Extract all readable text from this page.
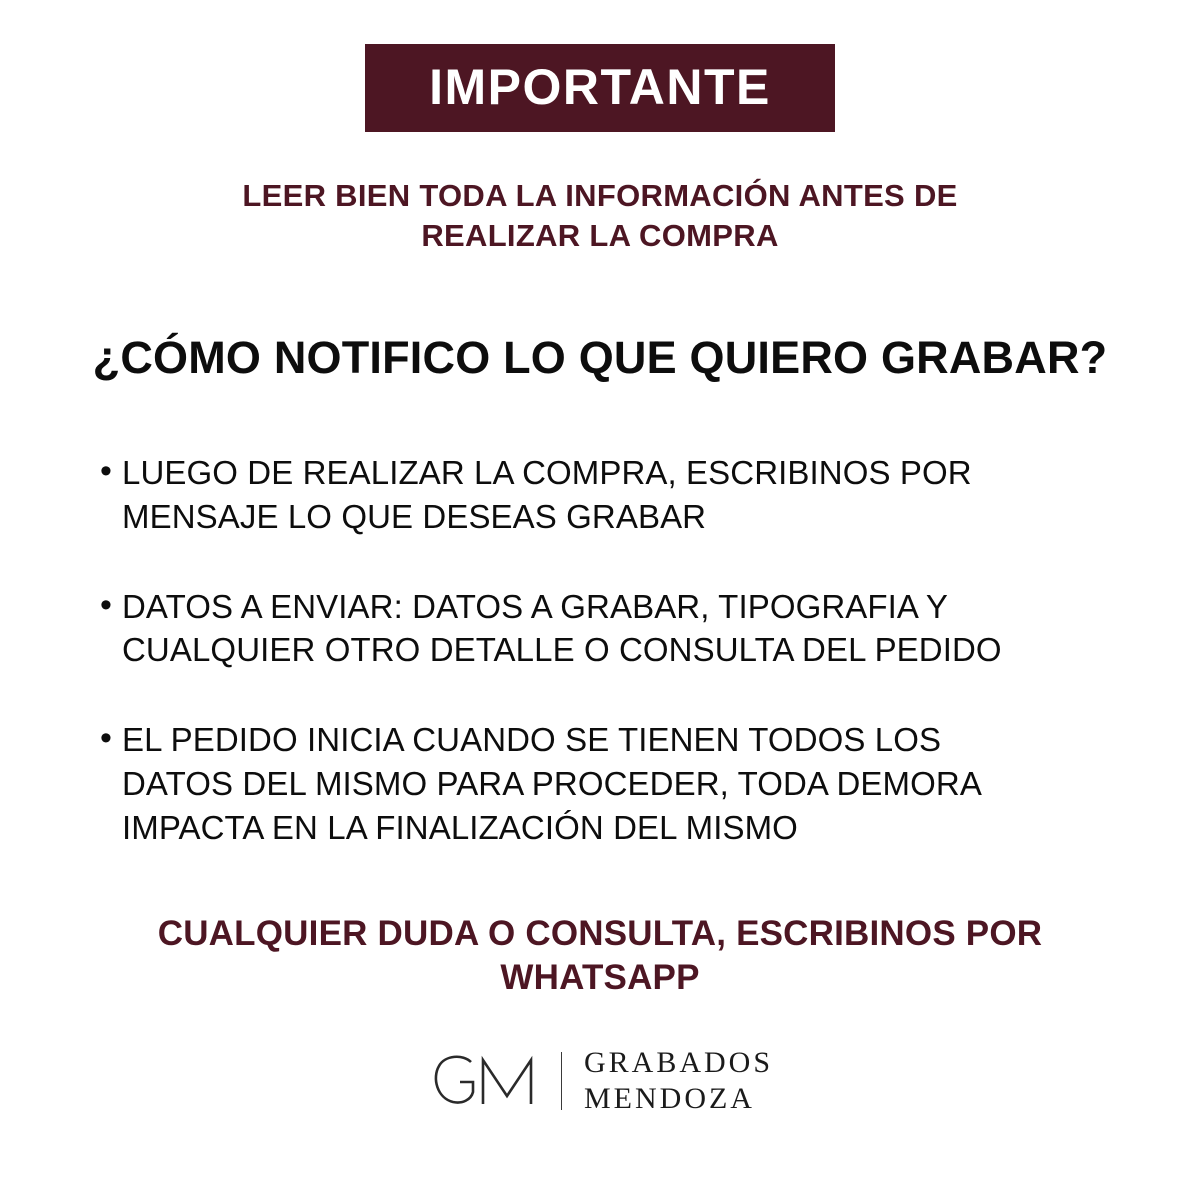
IMPORTANTE
LEER BIEN TODA LA INFORMACIÓN ANTES DE REALIZAR LA COMPRA
¿CÓMO NOTIFICO LO QUE QUIERO GRABAR?
• LUEGO DE REALIZAR LA COMPRA, ESCRIBINOS POR MENSAJE LO QUE DESEAS GRABAR
• DATOS A ENVIAR: DATOS A GRABAR, TIPOGRAFIA Y CUALQUIER OTRO DETALLE O CONSULTA DEL PEDIDO
• EL PEDIDO INICIA CUANDO SE TIENEN TODOS LOS DATOS DEL MISMO PARA PROCEDER, TODA DEMORA IMPACTA EN LA FINALIZACIÓN DEL MISMO
CUALQUIER DUDA O CONSULTA, ESCRIBINOS POR WHATSAPP
GRABADOS
MENDOZA
